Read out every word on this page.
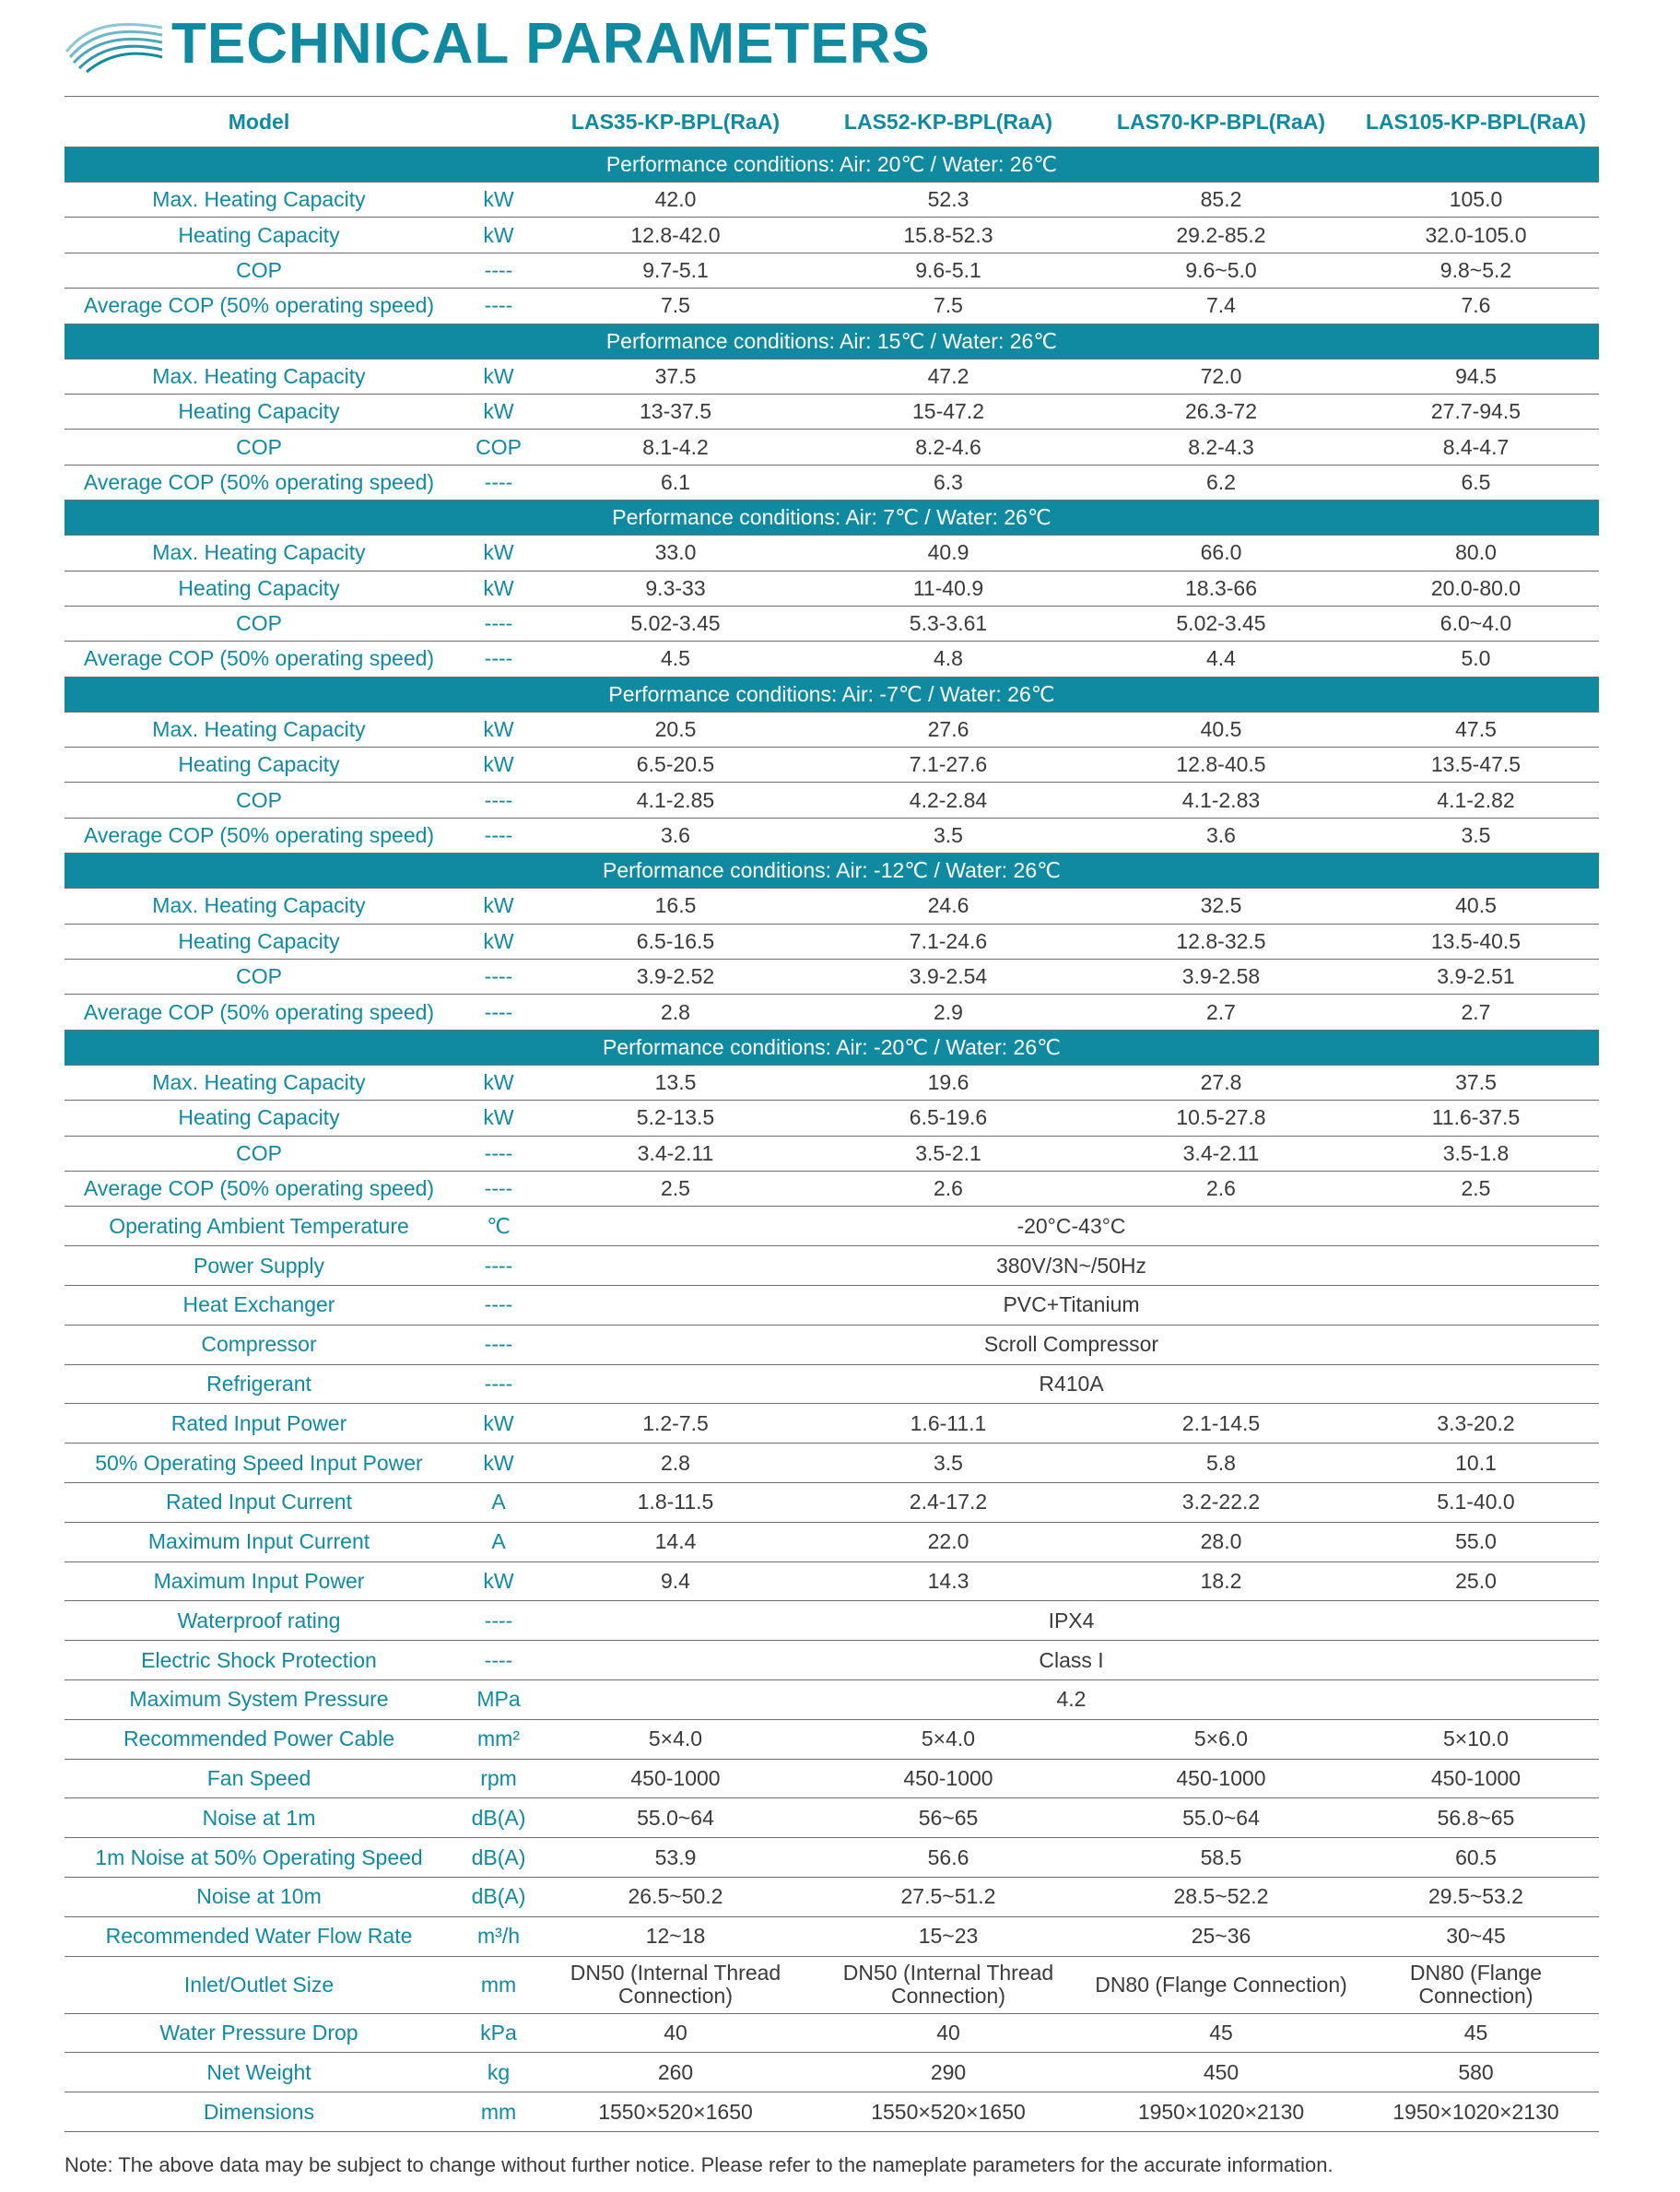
TECHNICAL PARAMETERS
Model		LAS35-KP-BPL(RaA)	LAS52-KP-BPL(RaA)	LAS70-KP-BPL(RaA)	LAS105-KP-BPL(RaA)
Performance conditions: Air: 20℃ / Water: 26℃					
Max. Heating Capacity	kW	42.0	52.3	85.2	105.0
Heating Capacity	kW	12.8-42.0	15.8-52.3	29.2-85.2	32.0-105.0
COP	----	9.7-5.1	9.6-5.1	9.6~5.0	9.8~5.2
Average COP (50% operating speed)	----	7.5	7.5	7.4	7.6
Performance conditions: Air: 15℃ / Water: 26℃					
Max. Heating Capacity	kW	37.5	47.2	72.0	94.5
Heating Capacity	kW	13-37.5	15-47.2	26.3-72	27.7-94.5
COP	COP	8.1-4.2	8.2-4.6	8.2-4.3	8.4-4.7
Average COP (50% operating speed)	----	6.1	6.3	6.2	6.5
Performance conditions: Air: 7℃ / Water: 26℃					
Max. Heating Capacity	kW	33.0	40.9	66.0	80.0
Heating Capacity	kW	9.3-33	11-40.9	18.3-66	20.0-80.0
COP	----	5.02-3.45	5.3-3.61	5.02-3.45	6.0~4.0
Average COP (50% operating speed)	----	4.5	4.8	4.4	5.0
Performance conditions: Air: -7℃ / Water: 26℃					
Max. Heating Capacity	kW	20.5	27.6	40.5	47.5
Heating Capacity	kW	6.5-20.5	7.1-27.6	12.8-40.5	13.5-47.5
COP	----	4.1-2.85	4.2-2.84	4.1-2.83	4.1-2.82
Average COP (50% operating speed)	----	3.6	3.5	3.6	3.5
Performance conditions: Air: -12℃ / Water: 26℃					
Max. Heating Capacity	kW	16.5	24.6	32.5	40.5
Heating Capacity	kW	6.5-16.5	7.1-24.6	12.8-32.5	13.5-40.5
COP	----	3.9-2.52	3.9-2.54	3.9-2.58	3.9-2.51
Average COP (50% operating speed)	----	2.8	2.9	2.7	2.7
Performance conditions: Air: -20℃ / Water: 26℃					
Max. Heating Capacity	kW	13.5	19.6	27.8	37.5
Heating Capacity	kW	5.2-13.5	6.5-19.6	10.5-27.8	11.6-37.5
COP	----	3.4-2.11	3.5-2.1	3.4-2.11	3.5-1.8
Average COP (50% operating speed)	----	2.5	2.6	2.6	2.5
Operating Ambient Temperature	℃	-20°C-43°C			
Power Supply	----	380V/3N~/50Hz			
Heat Exchanger	----	PVC+Titanium			
Compressor	----	Scroll Compressor			
Refrigerant	----	R410A			
Rated Input Power	kW	1.2-7.5	1.6-11.1	2.1-14.5	3.3-20.2
50% Operating Speed Input Power	kW	2.8	3.5	5.8	10.1
Rated Input Current	A	1.8-11.5	2.4-17.2	3.2-22.2	5.1-40.0
Maximum Input Current	A	14.4	22.0	28.0	55.0
Maximum Input Power	kW	9.4	14.3	18.2	25.0
Waterproof rating	----	IPX4			
Electric Shock Protection	----	Class I			
Maximum System Pressure	MPa	4.2			
Recommended Power Cable	mm²	5×4.0	5×4.0	5×6.0	5×10.0
Fan Speed	rpm	450-1000	450-1000	450-1000	450-1000
Noise at 1m	dB(A)	55.0~64	56~65	55.0~64	56.8~65
1m Noise at 50% Operating Speed	dB(A)	53.9	56.6	58.5	60.5
Noise at 10m	dB(A)	26.5~50.2	27.5~51.2	28.5~52.2	29.5~53.2
Recommended Water Flow Rate	m³/h	12~18	15~23	25~36	30~45
Inlet/Outlet Size	mm	DN50 (Internal Thread Connection)	DN50 (Internal Thread Connection)	DN80 (Flange Connection)	DN80 (Flange Connection)
Water Pressure Drop	kPa	40	40	45	45
Net Weight	kg	260	290	450	580
Dimensions	mm	1550×520×1650	1550×520×1650	1950×1020×2130	1950×1020×2130
Note: The above data may be subject to change without further notice. Please refer to the nameplate parameters for the accurate information.
